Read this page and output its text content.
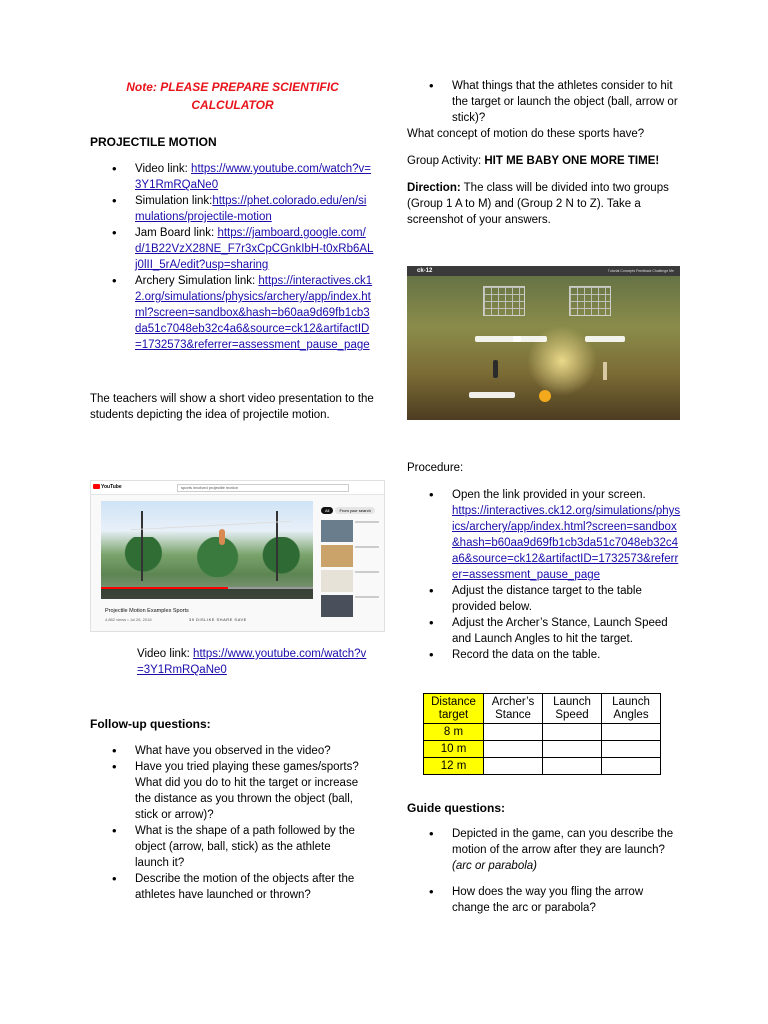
Note: PLEASE PREPARE SCIENTIFIC CALCULATOR
PROJECTILE MOTION
• Video link: https://www.youtube.com/watch?v=3Y1RmRQaNe0
• Simulation link:https://phet.colorado.edu/en/simulations/projectile-motion
• Jam Board link: https://jamboard.google.com/d/1B22VzX28NE_F7r3xCpCGnkIbH-t0xRb6ALj0lII_5rA/edit?usp=sharing
• Archery Simulation link: https://interactives.ck12.org/simulations/physics/archery/app/index.html?screen=sandbox&hash=b60aa9d69fb1cb3da51c7048eb32c4a6&source=ck12&artifactID=1732573&referrer=assessment_pause_page
The teachers will show a short video presentation to the students depicting the idea of projectile motion.
YouTube	sports involved projectile motion
Projectile Motion Examples Sports
4,882 views • Jul 26, 2018	39 DISLIKE SHARE SAVE
All	From your search
Video link: https://www.youtube.com/watch?v=3Y1RmRQaNe0
Follow-up questions:
• What have you observed in the video?
• Have you tried playing these games/sports? What did you do to hit the target or increase the distance as you thrown the object (ball, stick or arrow)?
• What is the shape of a path followed by the object (arrow, ball, stick) as the athlete launch it?
• Describe the motion of the objects after the athletes have launched or thrown?
• What things that the athletes consider to hit the target or launch the object (ball, arrow or stick)?
What concept of motion do these sports have?
Group Activity: HIT ME BABY ONE MORE TIME!
Direction: The class will be divided into two groups (Group 1 A to M) and (Group 2 N to Z). Take a screenshot of your answers.
ck-12	Tutorial Concepts Feedback Challenge Me
Procedure:
• Open the link provided in your screen.
https://interactives.ck12.org/simulations/physics/archery/app/index.html?screen=sandbox&hash=b60aa9d69fb1cb3da51c7048eb32c4a6&source=ck12&artifactID=1732573&referrer=assessment_pause_page
• Adjust the distance target to the table provided below.
• Adjust the Archer’s Stance, Launch Speed and Launch Angles to hit the target.
• Record the data on the table.
Distance target	Archer’s Stance	Launch Speed	Launch Angles
8 m			
10 m			
12 m			
Guide questions:
• Depicted in the game, can you describe the motion of the arrow after they are launch?
(arc or parabola)
• How does the way you fling the arrow change the arc or parabola?
